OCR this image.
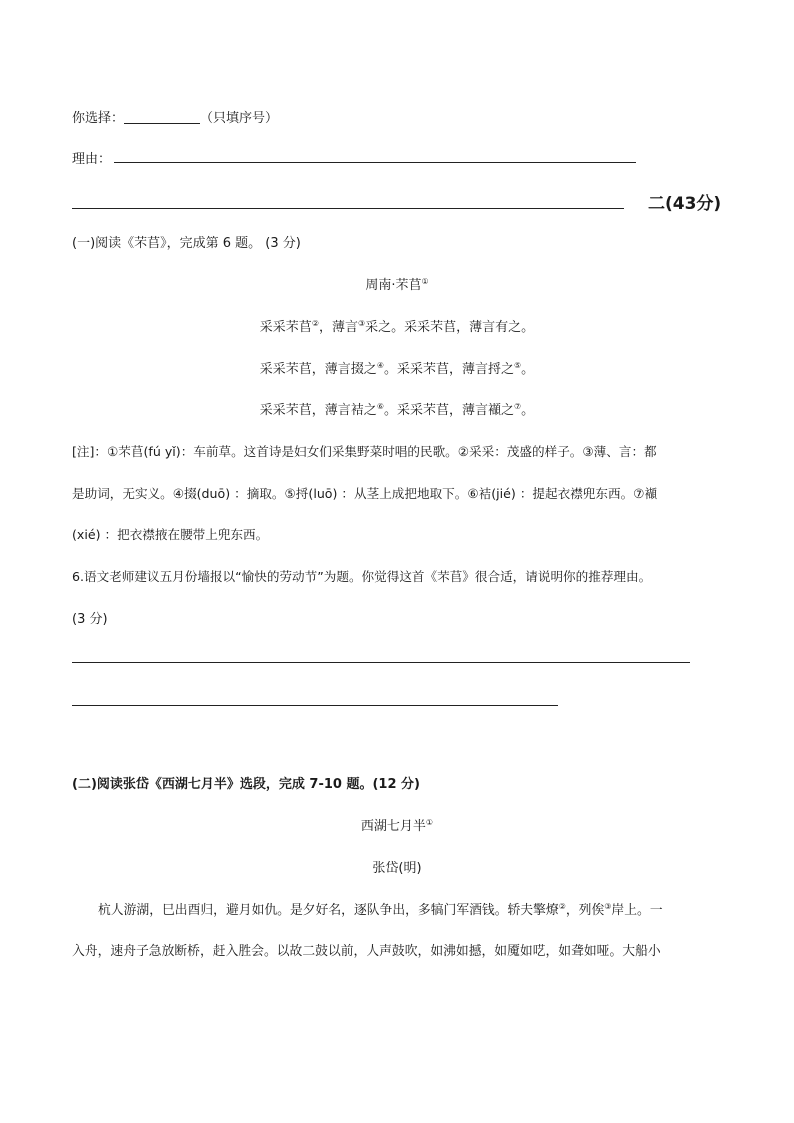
你选择：	（只填序号）
理由：
二(43分)
(一)阅读《芣苢》，完成第 6 题。 (3 分)
周南·芣苢①
采采芣苢②，薄言③采之。采采芣苢，薄言有之。
采采芣苢，薄言掇之④。采采芣苢，薄言捋之⑤。
采采芣苢，薄言袺之⑥。采采芣苢，薄言襭之⑦。
[注]：①芣苢(fú yǐ)：车前草。这首诗是妇女们采集野菜时唱的民歌。②采采：茂盛的样子。③薄、言：都
是助词，无实义。④掇(duō) ：摘取。⑤捋(luō) ：从茎上成把地取下。⑥袺(jié) ：提起衣襟兜东西。⑦襭
(xié) ：把衣襟掖在腰带上兜东西。
6.语文老师建议五月份墙报以“愉快的劳动节”为题。你觉得这首《芣苢》很合适，请说明你的推荐理由。
(3 分)
(二)阅读张岱《西湖七月半》选段，完成 7-10 题。(12 分)
西湖七月半①
张岱(明)
杭人游湖，巳出酉归，避月如仇。是夕好名，逐队争出，多犒门军酒钱。轿夫擎燎②，列俟③岸上。一
入舟，速舟子急放断桥，赶入胜会。以故二鼓以前，人声鼓吹，如沸如撼，如魇如呓，如聋如哑。大船小
